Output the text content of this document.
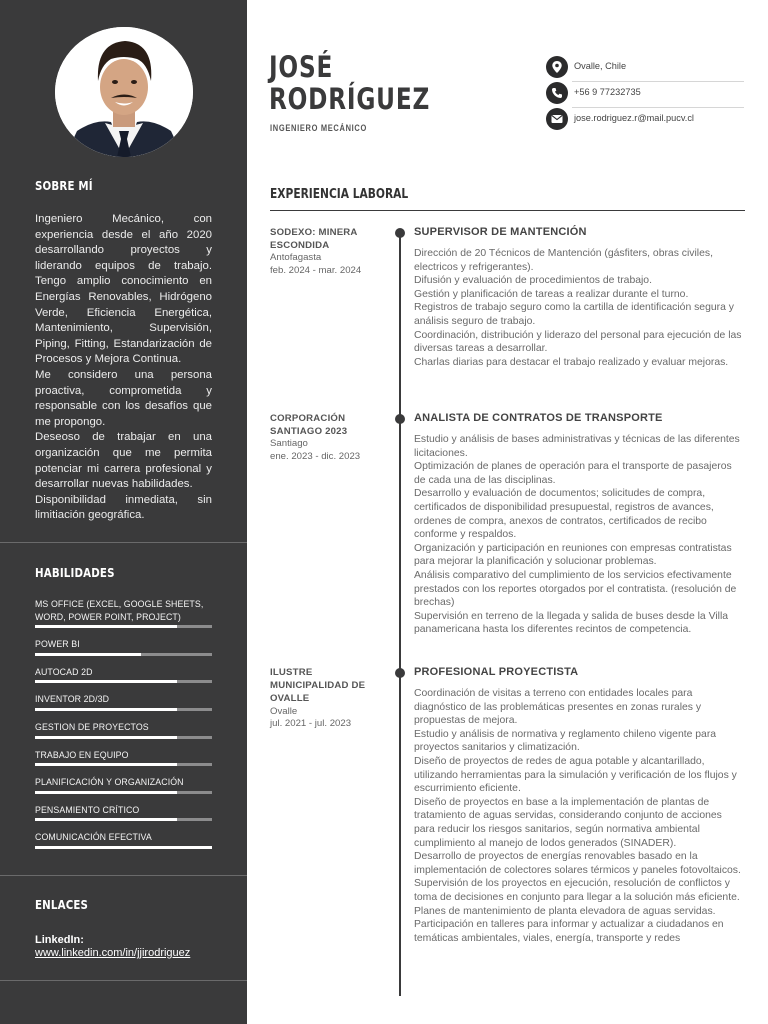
SOBRE MÍ

Ingeniero Mecánico, con experiencia desde el año 2020 desarrollando proyectos y liderando equipos de trabajo. Tengo amplio conocimiento en Energías Renovables, Hidrógeno Verde, Eficiencia Energética, Mantenimiento, Supervisión, Piping, Fitting, Estandarización de Procesos y Mejora Continua.

Me considero una persona proactiva, comprometida y responsable con los desafíos que me propongo.

Deseoso de trabajar en una organización que me permita potenciar mi carrera profesional y desarrollar nuevas habilidades.

Disponibilidad inmediata, sin limitiación geográfica.

HABILIDADES
MS OFFICE (EXCEL, GOOGLE SHEETS, WORD, POWER POINT, PROJECT)
POWER BI
AUTOCAD 2D
INVENTOR 2D/3D
GESTION DE PROYECTOS
TRABAJO EN EQUIPO
PLANIFICACIÓN Y ORGANIZACIÓN
PENSAMIENTO CRÍTICO
COMUNICACIÓN EFECTIVA
ENLACES
LinkedIn:
www.linkedin.com/in/jjirodriguez
JOSÉ
RODRÍGUEZ
INGENIERO MECÁNICO
Ovalle, Chile
+56 9 77232735
jose.rodriguez.r@mail.pucv.cl
EXPERIENCIA LABORAL
SODEXO: MINERA ESCONDIDA
Antofagasta
feb. 2024 - mar. 2024
SUPERVISOR DE MANTENCIÓN
Dirección de 20 Técnicos de Mantención (gásfiters, obras civiles, electricos y refrigerantes).
Difusión y evaluación de procedimientos de trabajo.
Gestión y planificación de tareas a realizar durante el turno.
Registros de trabajo seguro como la cartilla de identificación segura y análisis seguro de trabajo.
Coordinación, distribución y liderazo del personal para ejecución de las diversas tareas a desarrollar.
Charlas diarias para destacar el trabajo realizado y evaluar mejoras.
CORPORACIÓN SANTIAGO 2023
Santiago
ene. 2023 - dic. 2023
ANALISTA DE CONTRATOS DE TRANSPORTE
Estudio y análisis de bases administrativas y técnicas de las diferentes licitaciones.
Optimización de planes de operación para el transporte de pasajeros de cada una de las disciplinas.
Desarrollo y evaluación de documentos; solicitudes de compra, certificados de disponibilidad presupuestal, registros de avances, ordenes de compra, anexos de contratos, certificados de recibo conforme y respaldos.
Organización y participación en reuniones con empresas contratistas para mejorar la planificación y solucionar problemas.
Análisis comparativo del cumplimiento de los servicios efectivamente prestados con los reportes otorgados por el contratista. (resolución de brechas)
Supervisión en terreno de la llegada y salida de buses desde la Villa panamericana hasta los diferentes recintos de competencia.
ILUSTRE MUNICIPALIDAD DE OVALLE
Ovalle
jul. 2021 - jul. 2023
PROFESIONAL PROYECTISTA
Coordinación de visitas a terreno con entidades locales para diagnóstico de las problemáticas presentes en zonas rurales y propuestas de mejora.
Estudio y análisis de normativa y reglamento chileno vigente para proyectos sanitarios y climatización.
Diseño de proyectos de redes de agua potable y alcantarillado, utilizando herramientas para la simulación y verificación de los flujos y escurrimiento eficiente.
Diseño de proyectos en base a la implementación de plantas de tratamiento de aguas servidas, considerando conjunto de acciones para reducir los riesgos sanitarios, según normativa ambiental cumplimiento al manejo de lodos generados (SINADER).
Desarrollo de proyectos de energías renovables basado en la implementación de colectores solares térmicos y paneles fotovoltaicos.
Supervisión de los proyectos en ejecución, resolución de conflictos y toma de decisiones en conjunto para llegar a la solución más eficiente.
Planes de mantenimiento de planta elevadora de aguas servidas.
Participación en talleres para informar y actualizar a ciudadanos en temáticas ambientales, viales, energía, transporte y redes
